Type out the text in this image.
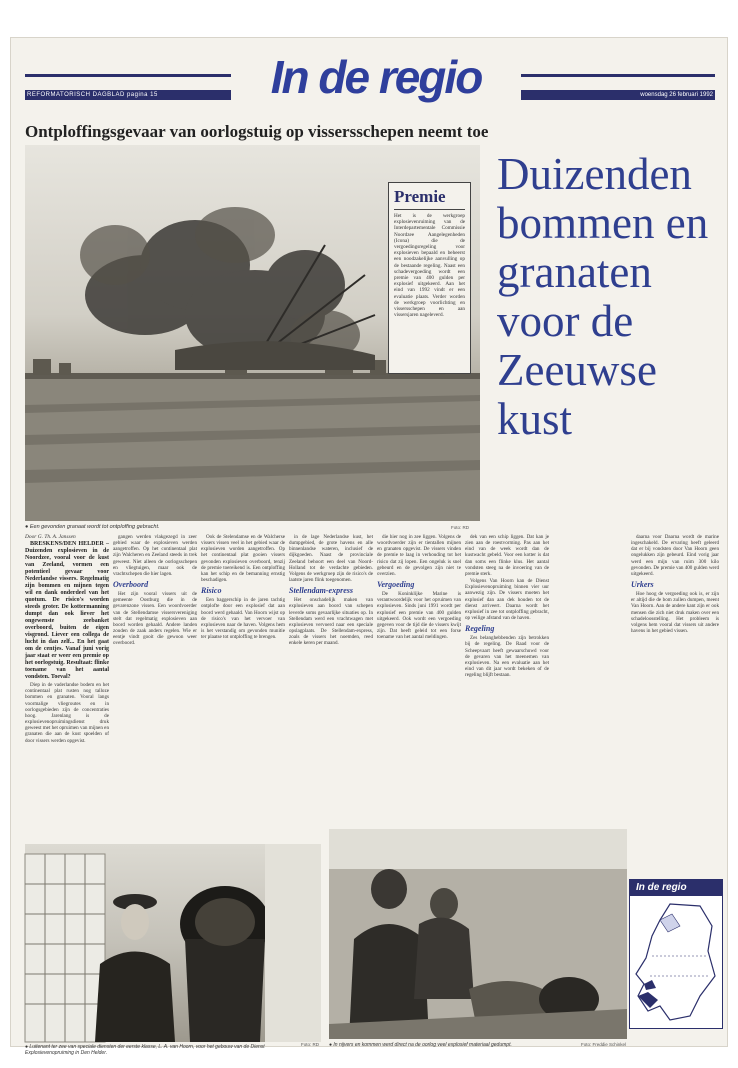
REFORMATORISCH DAGBLAD pagina 15	woensdag 26 februari 1992
In de regio
Ontploffingsgevaar van oorlogstuig op vissersschepen neemt toe
Premie
Het is de werkgroep explosievenruiming van de Interdepartementale Commissie Noordzee Aangelegenheden (Icona) die de vergoedingsregeling voor explosieven bepaald en beheerst een noodzakelijke aanvulling op de bestaande regeling. Naast een schadevergoeding wordt een premie van 400 gulden per explosief uitgekeerd. Aan het eind van 1992 vindt er een evaluatie plaats. Verder worden de werkgroep voorlichting en vissersschepen en aan vissersjaren nageleverd.
Duizenden bommen en granaten voor de Zeeuwse kust
● Een gevonden granaat wordt tot ontploffing gebracht.	Foto: RD

Door G. Th. A. Janssen

BRESKENS/DEN HELDER – Duizenden explosieven in de Noordzee, vooral voor de kust van Zeeland, vormen een potentieel gevaar voor Nederlandse vissers. Regelmatig zijn bommen en mijnen tegen wil en dank onderdeel van het quotum. De risico's worden steeds groter. De kottermanning dumpt dan ook liever het ongewenste zeebanket overboord, buiten de eigen visgrond. Liever een collega de lucht in dan zelf... En het gaat om de centjes. Vanaf juni vorig jaar staat er weer een premie op het oorlogstuig. Resultaat: flinke toename van het aantal vondsten. Toeval?

Diep in de vaderlandse bodem en het continentaal plat rusten nog talloze bommen en granaten. Vooral langs voormalige vliegroutes en in oorlogsgebieden zijn de concentraties hoog. Jarenlang is de explosievenopruimingsdienst druk geweest met het opruimen van mijnen en granaten die aan de kust spoelden of door vissers werden opgevist.

gangen werden vlakgezegd in zeer gebied waar de explosieven werden aangetroffen. Op het continentaal plat zijn Walcheren en Zeeland steeds in trek geweest. Niet alleen de oorlogsschepen en vliegtuigen, maar ook de vrachtschepen die hier lagen.

Overboord

Het zijn vooral vissers uit de gemeente Oostburg die in de gevarenzone vissen. Een woordvoerder van de Stellendamse vissersvereniging stelt dat regelmatig explosieven aan boord worden gehaald. Andere landen zouden de zaak anders regelen. Wie er eentje vindt gooit die gewoon weer overboord.

Ook de Stelendamse en de Walcherse vissers vissen veel in het gebied waar de explosieven worden aangetroffen. Op het continentaal plat gooien vissers gevonden explosieven overboord, tenzij de premie toereikend is. Een ontploffing kan het schip en de bemanning ernstig beschadigen.

Risico

Een baggerschip in de jaren tachtig ontplofte door een explosief dat aan boord werd gehaald. Van Hoorn wijst op de risico's van het vervoer van explosieven naar de haven. Volgens hem is het verstandig om gevonden munitie ter plaatse tot ontploffing te brengen.

in de lage Nederlandse kust, het dumpgebied, de grote havens en alle binnenlandse wateren, inclusief de dijkgoeden. Naast de provinciale Zeeland behoort een deel van Noord-Holland tot de verdachte gebieden. Volgens de werkgroep zijn de risico's de laatste jaren flink toegenomen.

Stellendam-express

Het onschadelijk maken van explosieven aan boord van schepen leverde soms gevaarlijke situaties op. In Stellendam werd een vrachtwagen met explosieven vervoerd naar een speciale opslagplaats. De Stellendam-express, zoals de vissers het noemden, reed enkele keren per maand.

die hier nog in zee liggen. Volgens de woordvoerder zijn er tientallen mijnen en granaten opgevist. De vissers vinden de premie te laag in verhouding tot het risico dat zij lopen. Een ongeluk is snel gebeurd en de gevolgen zijn niet te overzien.

Vergoeding

De Koninklijke Marine is verantwoordelijk voor het opruimen van explosieven. Sinds juni 1991 wordt per explosief een premie van 400 gulden uitgekeerd. Ook wordt een vergoeding gegeven voor de tijd die de vissers kwijt zijn. Dat heeft geleid tot een forse toename van het aantal meldingen.

dek van een schip liggen. Dat kan je zien aan de roestvorming. Pas aan het eind van de week wordt dan de kustwacht gebeld. Voor een kotter is dat dan soms een flinke klus. Het aantal vondsten steeg na de invoering van de premie sterk.

Volgens Van Hoorn kan de Dienst Explosievenopruiming binnen vier uur aanwezig zijn. De vissers moeten het explosief dan aan dek houden tot de dienst arriveert. Daarna wordt het explosief in zee tot ontploffing gebracht, op veilige afstand van de haven.

Regeling

Zes belanghebbenden zijn betrokken bij de regeling. De Raad voor de Scheepvaart heeft gewaarschuwd voor de gevaren van het meenemen van explosieven. Na een evaluatie aan het eind van dit jaar wordt bekeken of de regeling blijft bestaan.

daarna voor Daarna wordt de marine ingeschakeld. De ervaring heeft geleerd dat er bij vondsten door Van Hoorn geen ongelukken zijn gebeurd. Eind vorig jaar werd een mijn van ruim 300 kilo gevonden. De premie van 400 gulden werd uitgekeerd.

Urkers

Hoe hoog de vergoeding ook is, er zijn er altijd die de bom zullen dumpen, meent Van Hoorn. Aan de andere kant zijn er ook mensen die zich niet druk maken over een schadeloosstelling. Het probleem is volgens hem vooral dat vissers uit andere havens in het gebied vissen.

● Luitenant ter zee van speciale diensten der eerste klasse, L. A. van Hoorn, voor het gebouw van de Dienst Explosievenopruiming in Den Helder.
Foto: RD ● In nijvers en kommen werd direct na de oorlog veel explosief materiaal gedumpt.	Foto: Freddie Schinkel
In de regio
